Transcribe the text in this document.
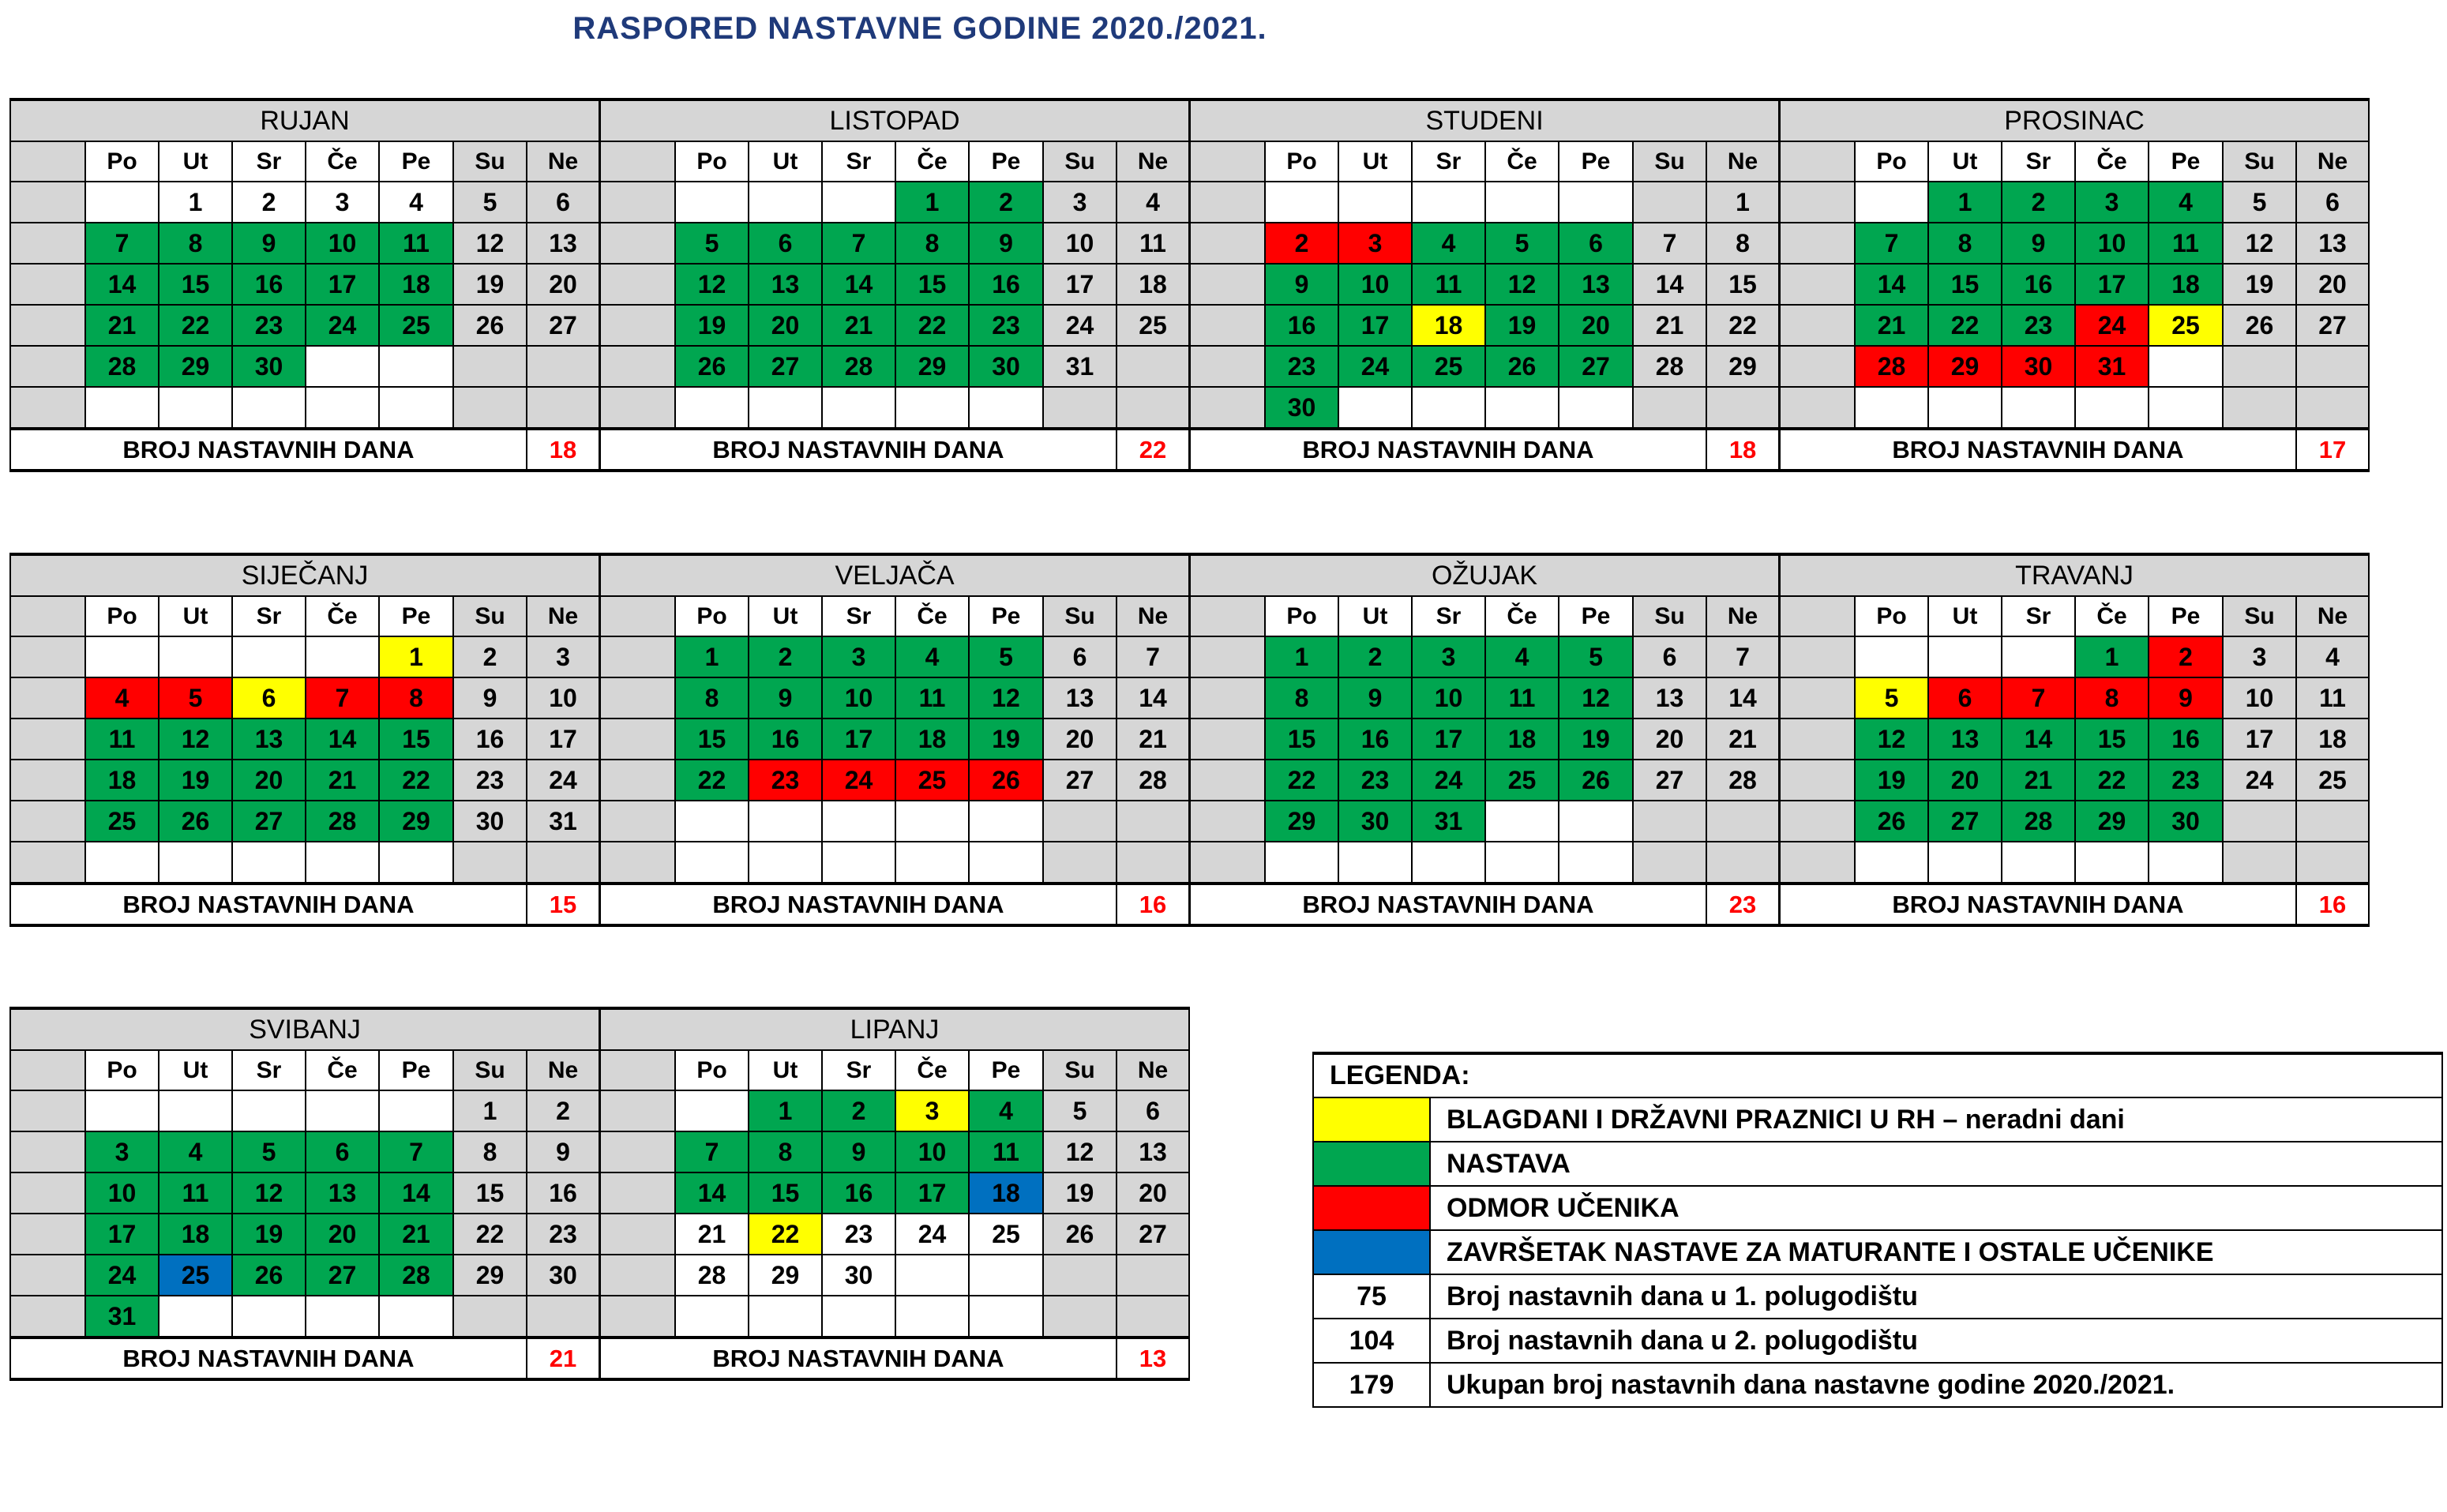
RASPORED NASTAVNE GODINE 2020./2021.
RUJAN							
	Po	Ut	Sr	Če	Pe	Su	Ne
		1	2	3	4	5	6
	7	8	9	10	11	12	13
	14	15	16	17	18	19	20
	21	22	23	24	25	26	27
	28	29	30				

BROJ NASTAVNIH DANA							18
LISTOPAD							
	Po	Ut	Sr	Če	Pe	Su	Ne
				1	2	3	4
	5	6	7	8	9	10	11
	12	13	14	15	16	17	18
	19	20	21	22	23	24	25
	26	27	28	29	30	31	

BROJ NASTAVNIH DANA							22
STUDENI							
	Po	Ut	Sr	Če	Pe	Su	Ne
							1
	2	3	4	5	6	7	8
	9	10	11	12	13	14	15
	16	17	18	19	20	21	22
	23	24	25	26	27	28	29
	30						
BROJ NASTAVNIH DANA							18
PROSINAC							
	Po	Ut	Sr	Če	Pe	Su	Ne
		1	2	3	4	5	6
	7	8	9	10	11	12	13
	14	15	16	17	18	19	20
	21	22	23	24	25	26	27
	28	29	30	31			

BROJ NASTAVNIH DANA							17
SIJEČANJ							
	Po	Ut	Sr	Če	Pe	Su	Ne
					1	2	3
	4	5	6	7	8	9	10
	11	12	13	14	15	16	17
	18	19	20	21	22	23	24
	25	26	27	28	29	30	31

BROJ NASTAVNIH DANA							15
VELJAČA							
	Po	Ut	Sr	Če	Pe	Su	Ne
	1	2	3	4	5	6	7
	8	9	10	11	12	13	14
	15	16	17	18	19	20	21
	22	23	24	25	26	27	28

BROJ NASTAVNIH DANA							16
OŽUJAK							
	Po	Ut	Sr	Če	Pe	Su	Ne
	1	2	3	4	5	6	7
	8	9	10	11	12	13	14
	15	16	17	18	19	20	21
	22	23	24	25	26	27	28
	29	30	31				

BROJ NASTAVNIH DANA							23
TRAVANJ							
	Po	Ut	Sr	Če	Pe	Su	Ne
				1	2	3	4
	5	6	7	8	9	10	11
	12	13	14	15	16	17	18
	19	20	21	22	23	24	25
	26	27	28	29	30		

BROJ NASTAVNIH DANA							16
SVIBANJ							
	Po	Ut	Sr	Če	Pe	Su	Ne
						1	2
	3	4	5	6	7	8	9
	10	11	12	13	14	15	16
	17	18	19	20	21	22	23
	24	25	26	27	28	29	30
	31						
BROJ NASTAVNIH DANA							21
LIPANJ							
	Po	Ut	Sr	Če	Pe	Su	Ne
		1	2	3	4	5	6
	7	8	9	10	11	12	13
	14	15	16	17	18	19	20
	21	22	23	24	25	26	27
	28	29	30				

BROJ NASTAVNIH DANA							13
LEGENDA:	
	BLAGDANI I DRŽAVNI PRAZNICI U RH – neradni dani
	NASTAVA
	ODMOR UČENIKA
	ZAVRŠETAK NASTAVE ZA MATURANTE I OSTALE UČENIKE
75	Broj nastavnih dana u 1. polugodištu
104	Broj nastavnih dana u 2. polugodištu
179	Ukupan broj nastavnih dana nastavne godine 2020./2021.
